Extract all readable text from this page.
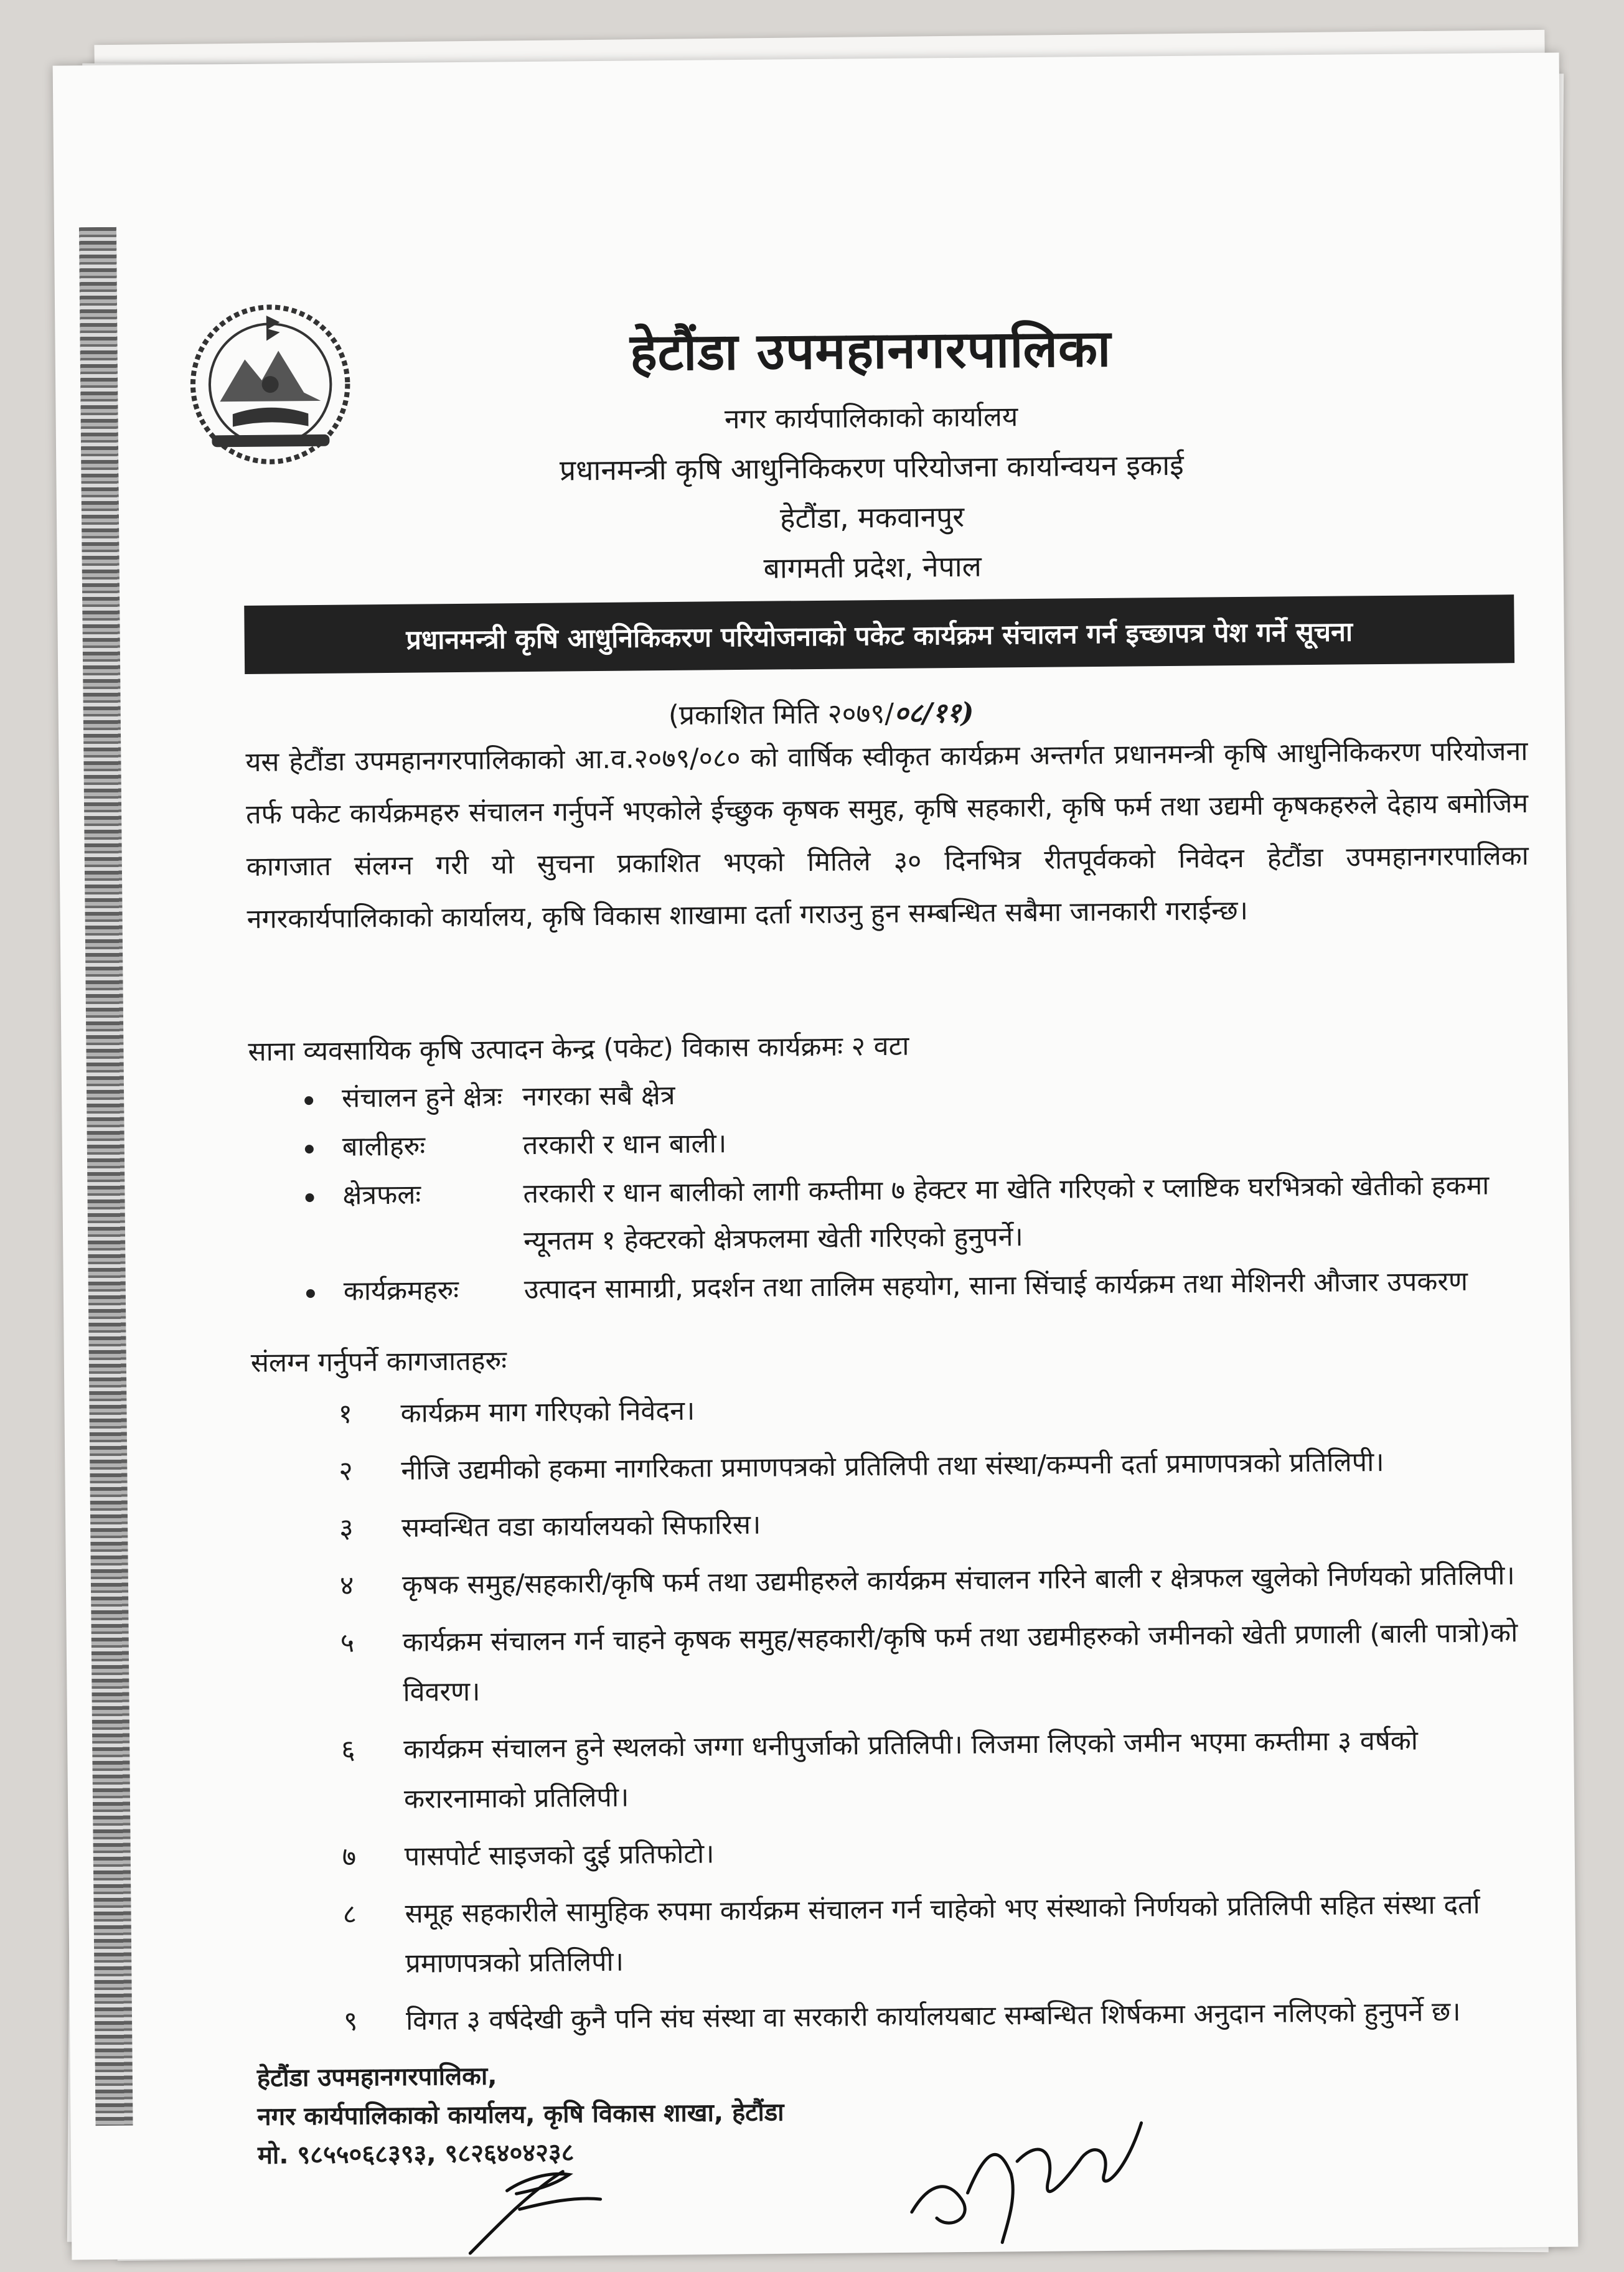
हेटौंडा उपमहानगरपालिका
नगर कार्यपालिकाको कार्यालय
प्रधानमन्त्री कृषि आधुनिकिकरण परियोजना कार्यान्वयन इकाई
हेटौंडा, मकवानपुर
बागमती प्रदेश, नेपाल
प्रधानमन्त्री कृषि आधुनिकिकरण परियोजनाको पकेट कार्यक्रम संचालन गर्न इच्छापत्र पेश गर्ने सूचना
(प्रकाशित मिति २०७९/०८/११)
यस हेटौंडा उपमहानगरपालिकाको आ.व.२०७९/०८० को वार्षिक स्वीकृत कार्यक्रम अन्तर्गत प्रधानमन्त्री कृषि आधुनिकिकरण परियोजना तर्फ पकेट कार्यक्रमहरु संचालन गर्नुपर्ने भएकोले ईच्छुक कृषक समुह, कृषि सहकारी, कृषि फर्म तथा उद्यमी कृषकहरुले देहाय बमोजिम कागजात संलग्न गरी यो सुचना प्रकाशित भएको मितिले ३० दिनभित्र रीतपूर्वकको निवेदन हेटौंडा उपमहानगरपालिका नगरकार्यपालिकाको कार्यालय, कृषि विकास शाखामा दर्ता गराउनु हुन सम्बन्धित सबैमा जानकारी गराईन्छ।
साना व्यवसायिक कृषि उत्पादन केन्द्र (पकेट) विकास कार्यक्रमः २ वटा
संचालन हुने क्षेत्रः नगरका सबै क्षेत्र
बालीहरुः	तरकारी र धान बाली।
क्षेत्रफलः	तरकारी र धान बालीको लागी कम्तीमा ७ हेक्टर मा खेति गरिएको र प्लाष्टिक घरभित्रको खेतीको हकमा न्यूनतम १ हेक्टरको क्षेत्रफलमा खेती गरिएको हुनुपर्ने।
कार्यक्रमहरुः उत्पादन सामाग्री, प्रदर्शन तथा तालिम सहयोग, साना सिंचाई कार्यक्रम तथा मेशिनरी औजार उपकरण
संलग्न गर्नुपर्ने कागजातहरुः
१	कार्यक्रम माग गरिएको निवेदन।
२	नीजि उद्यमीको हकमा नागरिकता प्रमाणपत्रको प्रतिलिपी तथा संस्था/कम्पनी दर्ता प्रमाणपत्रको प्रतिलिपी।
३	सम्वन्धित वडा कार्यालयको सिफारिस।
४	कृषक समुह/सहकारी/कृषि फर्म तथा उद्यमीहरुले कार्यक्रम संचालन गरिने बाली र क्षेत्रफल खुलेको निर्णयको प्रतिलिपी।
५	कार्यक्रम संचालन गर्न चाहने कृषक समुह/सहकारी/कृषि फर्म तथा उद्यमीहरुको जमीनको खेती प्रणाली (बाली पात्रो)को विवरण।
६	कार्यक्रम संचालन हुने स्थलको जग्गा धनीपुर्जाको प्रतिलिपी। लिजमा लिएको जमीन भएमा कम्तीमा ३ वर्षको करारनामाको प्रतिलिपी।
७	पासपोर्ट साइजको दुई प्रतिफोटो।
८	समूह सहकारीले सामुहिक रुपमा कार्यक्रम संचालन गर्न चाहेको भए संस्थाको निर्णयको प्रतिलिपी सहित संस्था दर्ता प्रमाणपत्रको प्रतिलिपी।
९	विगत ३ वर्षदेखी कुनै पनि संघ संस्था वा सरकारी कार्यालयबाट सम्बन्धित शिर्षकमा अनुदान नलिएको हुनुपर्ने छ।
हेटौंडा उपमहानगरपालिका,
नगर कार्यपालिकाको कार्यालय, कृषि विकास शाखा, हेटौंडा
मो. ९८५५०६८३९३, ९८२६४०४२३८
